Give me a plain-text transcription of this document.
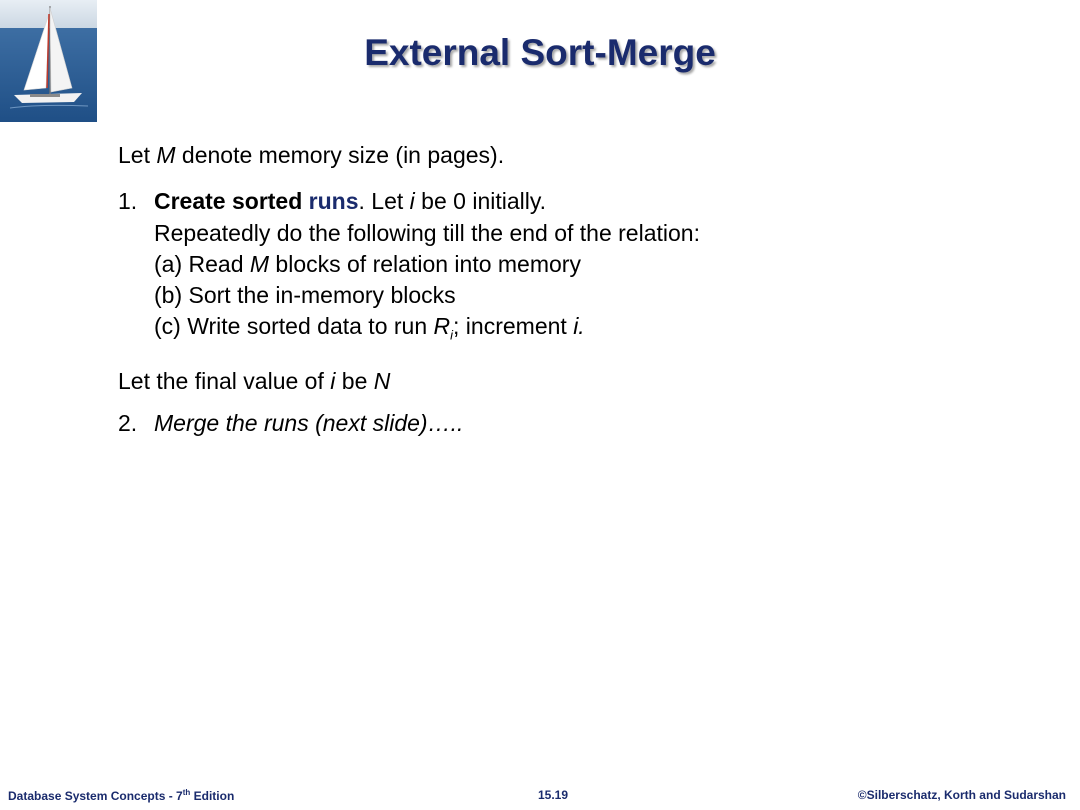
External Sort-Merge
Let M denote memory size (in pages).
1. Create sorted runs. Let i be 0 initially.
Repeatedly do the following till the end of the relation:
(a) Read M blocks of relation into memory
(b) Sort the in-memory blocks
(c) Write sorted data to run $R_i$; increment i.
Let the final value of i be N
2. Merge the runs (next slide)…..
Database System Concepts - 7th Edition	15.19	©Silberschatz, Korth and Sudarshan
